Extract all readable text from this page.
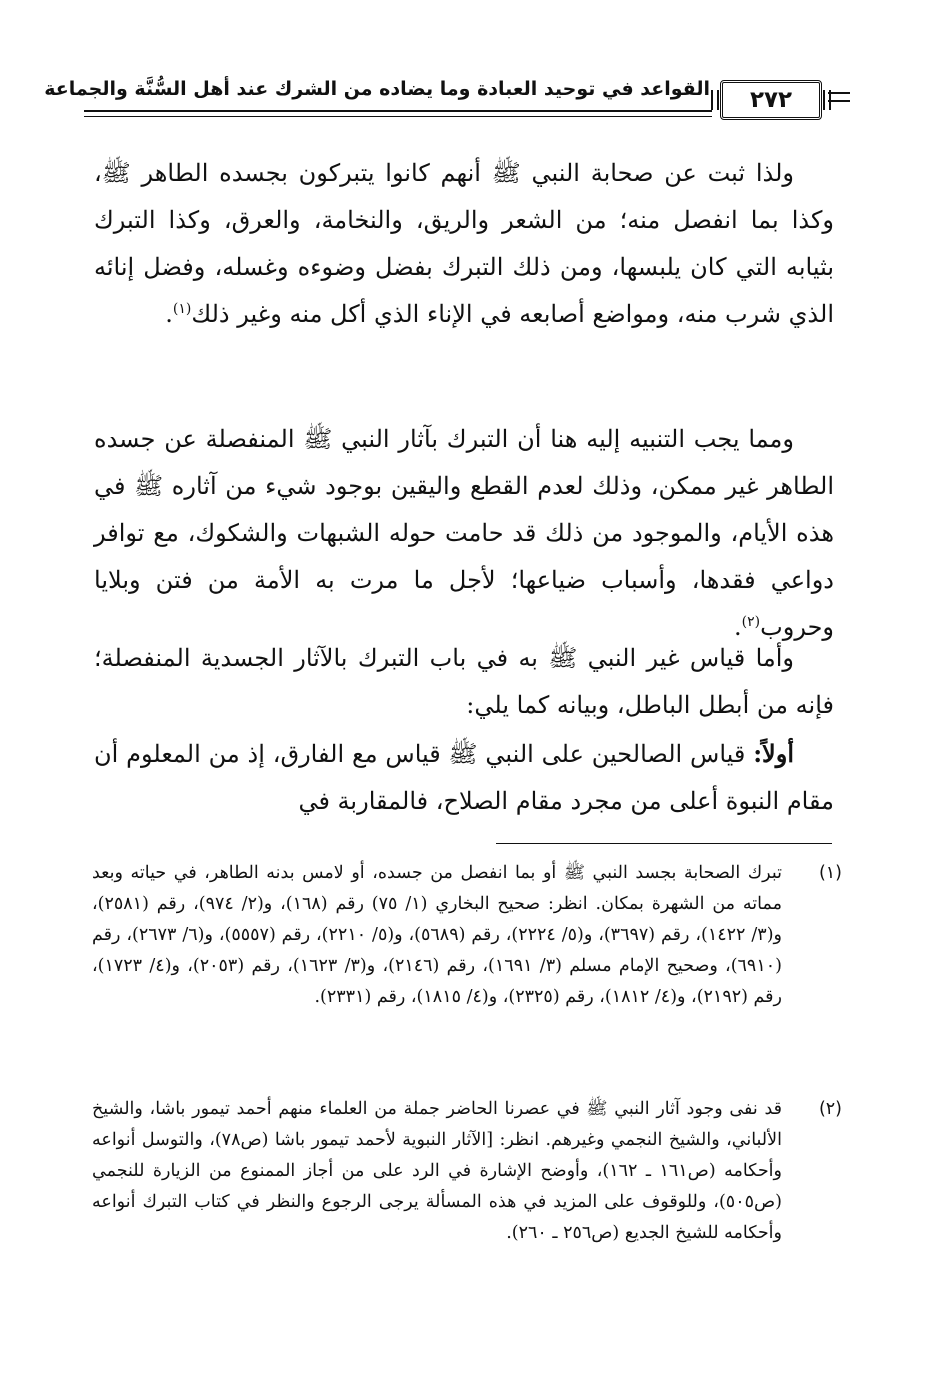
٢٧٢
القواعد في توحيد العبادة وما يضاده من الشرك عند أهل السُّنَّة والجماعة

ولذا ثبت عن صحابة النبي ﷺ أنهم كانوا يتبركون بجسده الطاهر ﷺ، وكذا بما انفصل منه؛ من الشعر والريق، والنخامة، والعرق، وكذا التبرك بثيابه التي كان يلبسها، ومن ذلك التبرك بفضل وضوءه وغسله، وفضل إنائه الذي شرب منه، ومواضع أصابعه في الإناء الذي أكل منه وغير ذلك$^{(١)}$.

ومما يجب التنبيه إليه هنا أن التبرك بآثار النبي ﷺ المنفصلة عن جسده الطاهر غير ممكن، وذلك لعدم القطع واليقين بوجود شيء من آثاره ﷺ في هذه الأيام، والموجود من ذلك قد حامت حوله الشبهات والشكوك، مع توافر دواعي فقدها، وأسباب ضياعها؛ لأجل ما مرت به الأمة من فتن وبلايا وحروب$^{(٢)}$.

وأما قياس غير النبي ﷺ به في باب التبرك بالآثار الجسدية المنفصلة؛ فإنه من أبطل الباطل، وبيانه كما يلي:

أولاً: قياس الصالحين على النبي ﷺ قياس مع الفارق، إذ من المعلوم أن مقام النبوة أعلى من مجرد مقام الصلاح، فالمقاربة في

(١)
تبرك الصحابة بجسد النبي ﷺ أو بما انفصل من جسده، أو لامس بدنه الطاهر، في حياته وبعد مماته من الشهرة بمكان. انظر: صحيح البخاري (١/ ٧٥) رقم (١٦٨)، و(٢/ ٩٧٤)، رقم (٢٥٨١)، و(٣/ ١٤٢٢)، رقم (٣٦٩٧)، و(٥/ ٢٢٢٤)، رقم (٥٦٨٩)، و(٥/ ٢٢١٠)، رقم (٥٥٥٧)، و(٦/ ٢٦٧٣)، رقم (٦٩١٠)، وصحيح الإمام مسلم (٣/ ١٦٩١)، رقم (٢١٤٦)، و(٣/ ١٦٢٣)، رقم (٢٠٥٣)، و(٤/ ١٧٢٣)، رقم (٢١٩٢)، و(٤/ ١٨١٢)، رقم (٢٣٢٥)، و(٤/ ١٨١٥)، رقم (٢٣٣١).
(٢)
قد نفى وجود آثار النبي ﷺ في عصرنا الحاضر جملة من العلماء منهم أحمد تيمور باشا، والشيخ الألباني، والشيخ النجمي وغيرهم. انظر: [الآثار النبوية لأحمد تيمور باشا (ص٧٨)، والتوسل أنواعه وأحكامه (ص١٦١ ـ ١٦٢)، وأوضح الإشارة في الرد على من أجاز الممنوع من الزيارة للنجمي (ص٥٠٥)، وللوقوف على المزيد في هذه المسألة يرجى الرجوع والنظر في كتاب التبرك أنواعه وأحكامه للشيخ الجديع (ص٢٥٦ ـ ٢٦٠).
